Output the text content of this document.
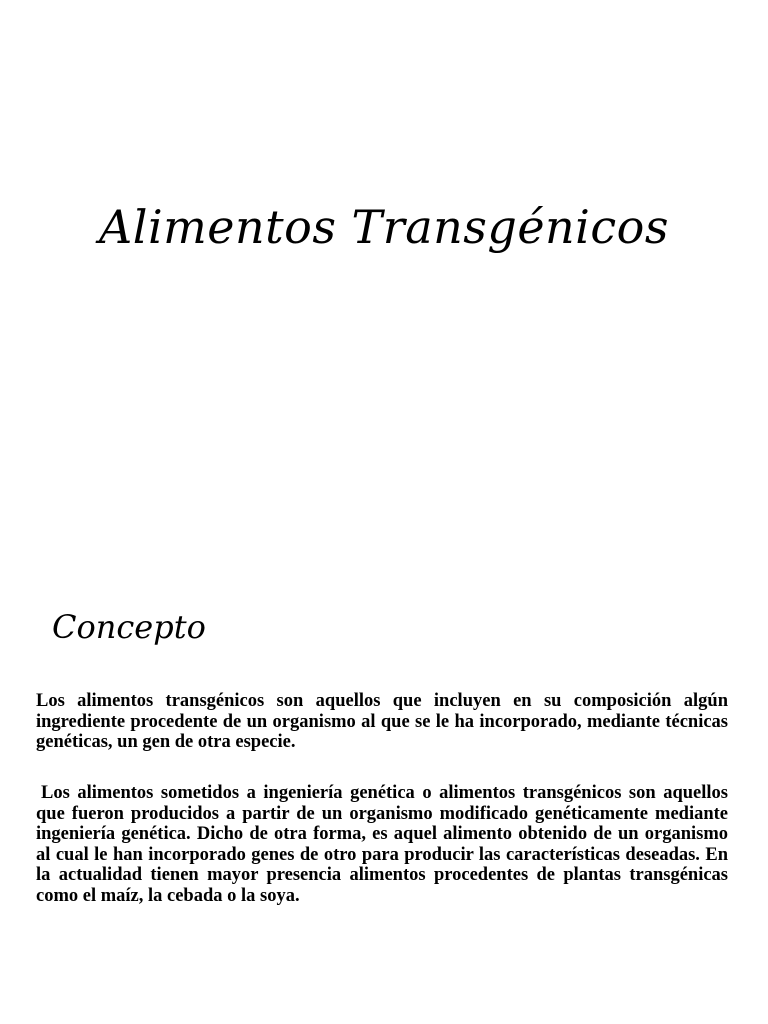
Alimentos Transgénicos
Concepto

Los alimentos transgénicos son aquellos que incluyen en su composición algún ingrediente procedente de un organismo al que se le ha incorporado, mediante técnicas genéticas, un gen de otra especie.

Los alimentos sometidos a ingeniería genética o alimentos transgénicos son aquellos que fueron producidos a partir de un organismo modificado genéticamente mediante ingeniería genética. Dicho de otra forma, es aquel alimento obtenido de un organismo al cual le han incorporado genes de otro para producir las características deseadas. En la actualidad tienen mayor presencia alimentos procedentes de plantas transgénicas como el maíz, la cebada o la soya.
